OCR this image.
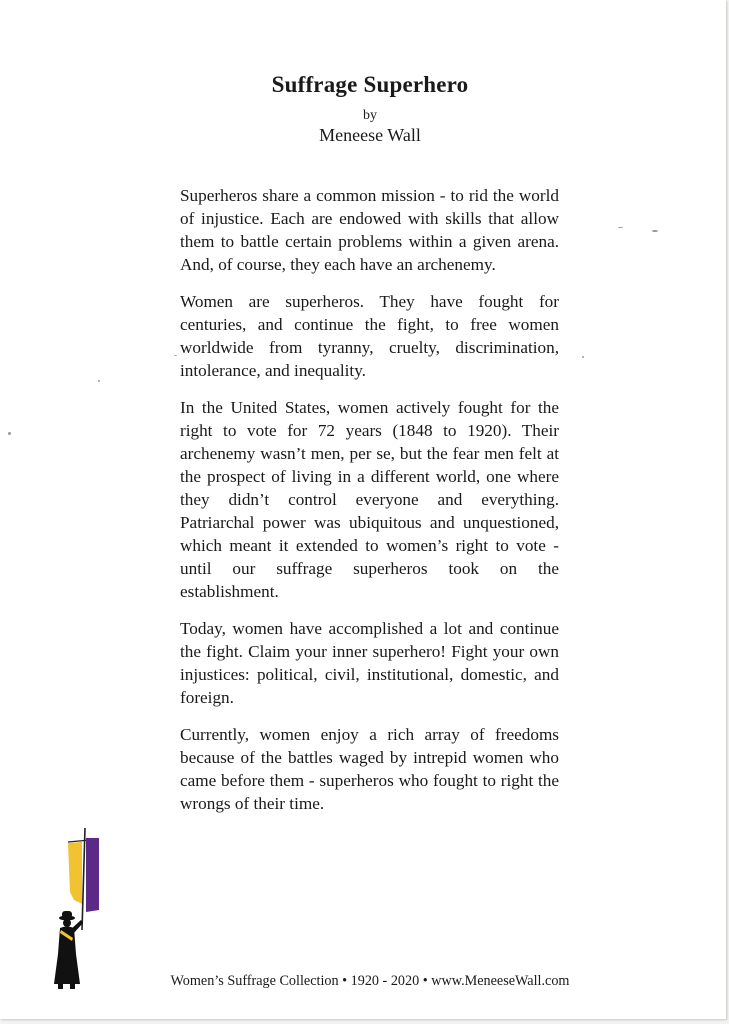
Suffrage Superhero
by
Meneese Wall

Superheros share a common mission - to rid the world of injustice. Each are endowed with skills that allow them to battle certain problems within a given arena. And, of course, they each have an archenemy.

Women are superheros. They have fought for centuries, and continue the fight, to free women worldwide from tyranny, cruelty, discrimination, intolerance, and inequality.

In the United States, women actively fought for the right to vote for 72 years (1848 to 1920). Their archenemy wasn’t men, per se, but the fear men felt at the prospect of living in a different world, one where they didn’t control everyone and everything. Patriarchal power was ubiquitous and unquestioned, which meant it extended to women’s right to vote - until our suffrage superheros took on the establishment.

Today, women have accomplished a lot and continue the fight. Claim your inner superhero! Fight your own injustices: political, civil, institutional, domestic, and foreign.

Currently, women enjoy a rich array of freedoms because of the battles waged by intrepid women who came before them - superheros who fought to right the wrongs of their time.

Women’s Suffrage Collection • 1920 - 2020 • www.MeneeseWall.com
